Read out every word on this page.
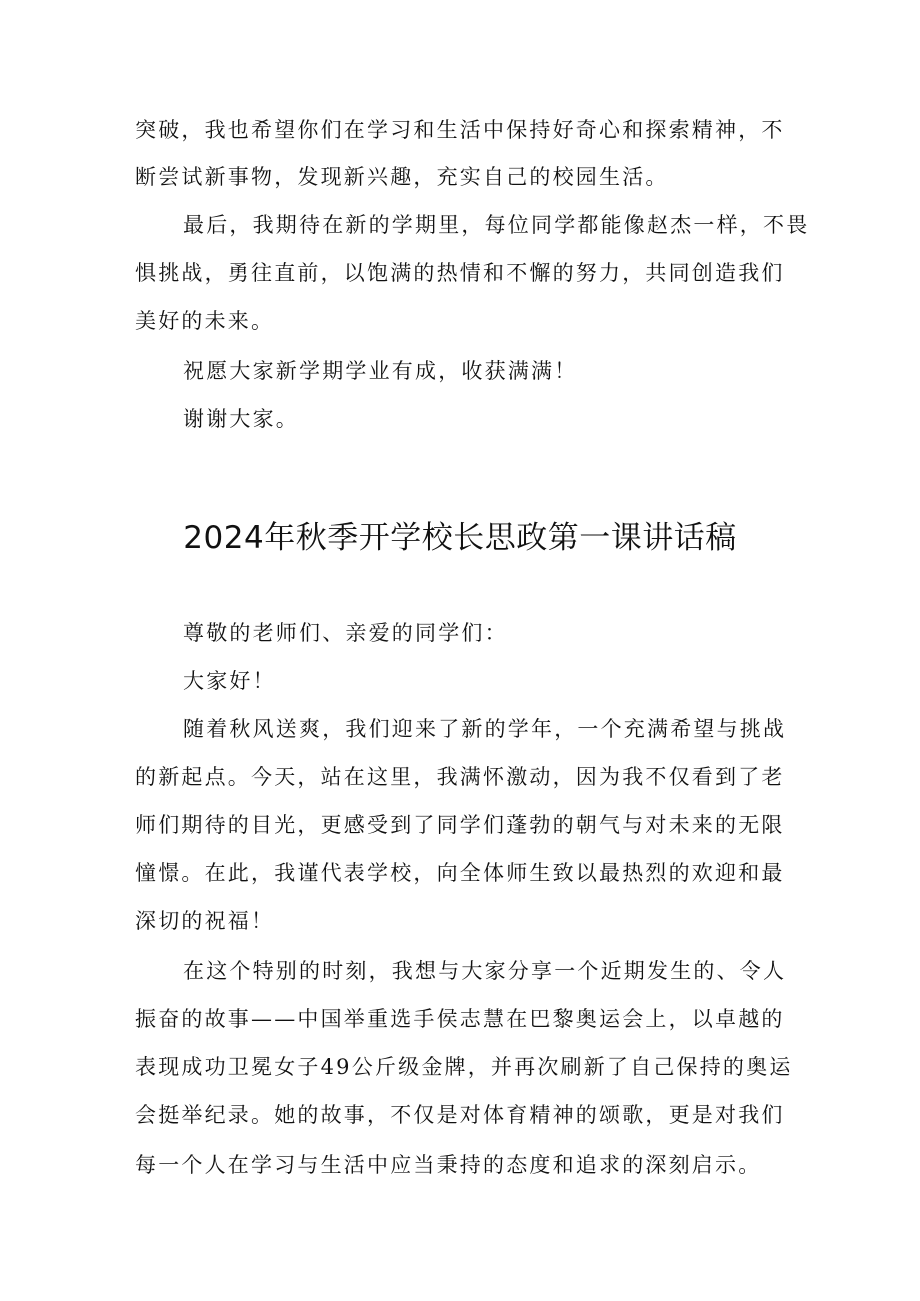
突破，我也希望你们在学习和生活中保持好奇心和探索精神，不
断尝试新事物，发现新兴趣，充实自己的校园生活。
最后，我期待在新的学期里，每位同学都能像赵杰一样，不畏
惧挑战，勇往直前，以饱满的热情和不懈的努力，共同创造我们
美好的未来。
祝愿大家新学期学业有成，收获满满！
谢谢大家。
2024年秋季开学校长思政第一课讲话稿
尊敬的老师们、亲爱的同学们：
大家好！
随着秋风送爽，我们迎来了新的学年，一个充满希望与挑战
的新起点。今天，站在这里，我满怀激动，因为我不仅看到了老
师们期待的目光，更感受到了同学们蓬勃的朝气与对未来的无限
憧憬。在此，我谨代表学校，向全体师生致以最热烈的欢迎和最
深切的祝福！
在这个特别的时刻，我想与大家分享一个近期发生的、令人
振奋的故事——中国举重选手侯志慧在巴黎奥运会上，以卓越的
表现成功卫冕女子49公斤级金牌，并再次刷新了自己保持的奥运
会挺举纪录。她的故事，不仅是对体育精神的颂歌，更是对我们
每一个人在学习与生活中应当秉持的态度和追求的深刻启示。
